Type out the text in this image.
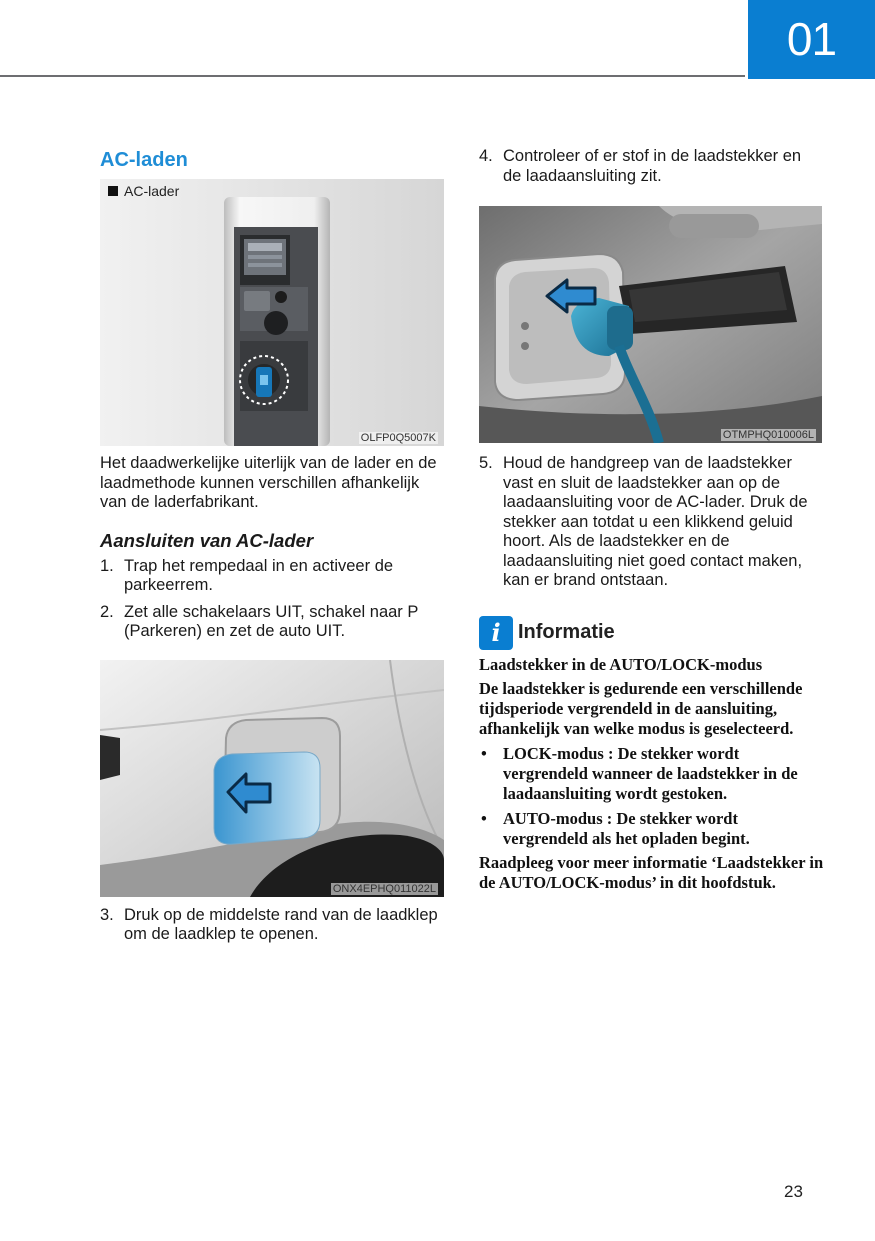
01
AC-laden
AC-lader
OLFP0Q5007K

Het daadwerkelijke uiterlijk van de lader en de laadmethode kunnen verschillen afhankelijk van de laderfabrikant.

Aansluiten van AC-lader
1. Trap het rempedaal in en activeer de parkeerrem.
2. Zet alle schakelaars UIT, schakel naar P (Parkeren) en zet de auto UIT.
ONX4EPHQ011022L
3. Druk op de middelste rand van de laadklep om de laadklep te openen.
4. Controleer of er stof in de laadstekker en de laadaansluiting zit.
OTMPHQ010006L
5. Houd de handgreep van de laadstekker vast en sluit de laadstekker aan op de laadaansluiting voor de AC-lader. Druk de stekker aan totdat u een klikkend geluid hoort. Als de laadstekker en de laadaansluiting niet goed contact maken, kan er brand ontstaan.
i Informatie

Laadstekker in de AUTO/LOCK-modus

De laadstekker is gedurende een verschillende tijdsperiode vergrendeld in de aansluiting, afhankelijk van welke modus is geselecteerd.

• LOCK-modus : De stekker wordt vergrendeld wanneer de laadstekker in de laadaansluiting wordt gestoken.
• AUTO-modus : De stekker wordt vergrendeld als het opladen begint.

Raadpleeg voor meer informatie ‘Laadstekker in de AUTO/LOCK-modus’ in dit hoofdstuk.

23
